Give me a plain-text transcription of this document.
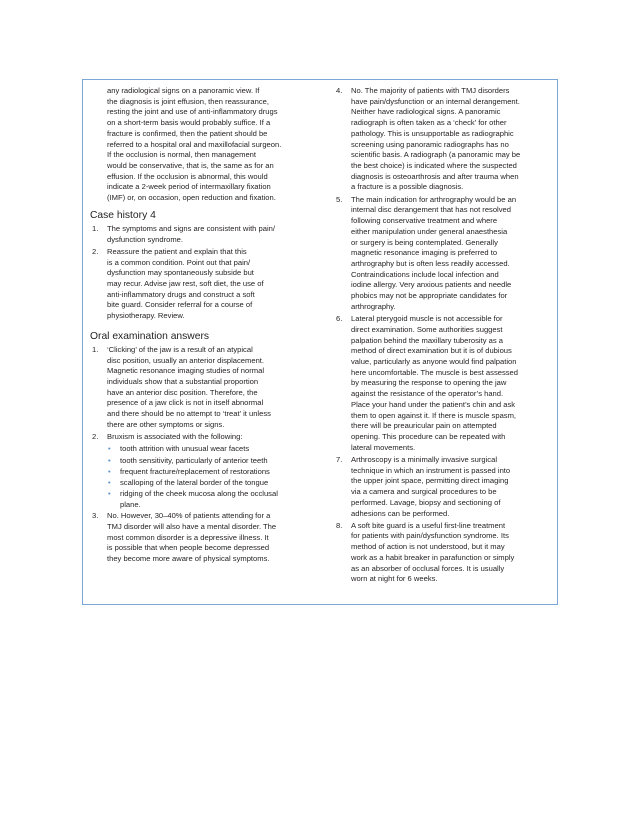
any radiological signs on a panoramic view. If
the diagnosis is joint effusion, then reassurance,
resting the joint and use of anti-inflammatory drugs
on a short-term basis would probably suffice. If a
fracture is confirmed, then the patient should be
referred to a hospital oral and maxillofacial surgeon.
If the occlusion is normal, then management
would be conservative, that is, the same as for an
effusion. If the occlusion is abnormal, this would
indicate a 2-week period of intermaxillary fixation
(IMF) or, on occasion, open reduction and fixation.
Case history 4
1. The symptoms and signs are consistent with pain/
dysfunction syndrome.
2. Reassure the patient and explain that this
is a common condition. Point out that pain/
dysfunction may spontaneously subside but
may recur. Advise jaw rest, soft diet, the use of
anti-inflammatory drugs and construct a soft
bite guard. Consider referral for a course of
physiotherapy. Review.
Oral examination answers
1. ‘Clicking’ of the jaw is a result of an atypical
disc position, usually an anterior displacement.
Magnetic resonance imaging studies of normal
individuals show that a substantial proportion
have an anterior disc position. Therefore, the
presence of a jaw click is not in itself abnormal
and there should be no attempt to ‘treat’ it unless
there are other symptoms or signs.
2. Bruxism is associated with the following:
• tooth attrition with unusual wear facets
• tooth sensitivity, particularly of anterior teeth
• frequent fracture/replacement of restorations
• scalloping of the lateral border of the tongue
• ridging of the cheek mucosa along the occlusal
plane.
3. No. However, 30–40% of patients attending for a
TMJ disorder will also have a mental disorder. The
most common disorder is a depressive illness. It
is possible that when people become depressed
they become more aware of physical symptoms.
4. No. The majority of patients with TMJ disorders
have pain/dysfunction or an internal derangement.
Neither have radiological signs. A panoramic
radiograph is often taken as a ‘check’ for other
pathology. This is unsupportable as radiographic
screening using panoramic radiographs has no
scientific basis. A radiograph (a panoramic may be
the best choice) is indicated where the suspected
diagnosis is osteoarthrosis and after trauma when
a fracture is a possible diagnosis.
5. The main indication for arthrography would be an
internal disc derangement that has not resolved
following conservative treatment and where
either manipulation under general anaesthesia
or surgery is being contemplated. Generally
magnetic resonance imaging is preferred to
arthrography but is often less readily accessed.
Contraindications include local infection and
iodine allergy. Very anxious patients and needle
phobics may not be appropriate candidates for
arthrography.
6. Lateral pterygoid muscle is not accessible for
direct examination. Some authorities suggest
palpation behind the maxillary tuberosity as a
method of direct examination but it is of dubious
value, particularly as anyone would find palpation
here uncomfortable. The muscle is best assessed
by measuring the response to opening the jaw
against the resistance of the operator’s hand.
Place your hand under the patient’s chin and ask
them to open against it. If there is muscle spasm,
there will be preauricular pain on attempted
opening. This procedure can be repeated with
lateral movements.
7. Arthroscopy is a minimally invasive surgical
technique in which an instrument is passed into
the upper joint space, permitting direct imaging
via a camera and surgical procedures to be
performed. Lavage, biopsy and sectioning of
adhesions can be performed.
8. A soft bite guard is a useful first-line treatment
for patients with pain/dysfunction syndrome. Its
method of action is not understood, but it may
work as a habit breaker in parafunction or simply
as an absorber of occlusal forces. It is usually
worn at night for 6 weeks.
